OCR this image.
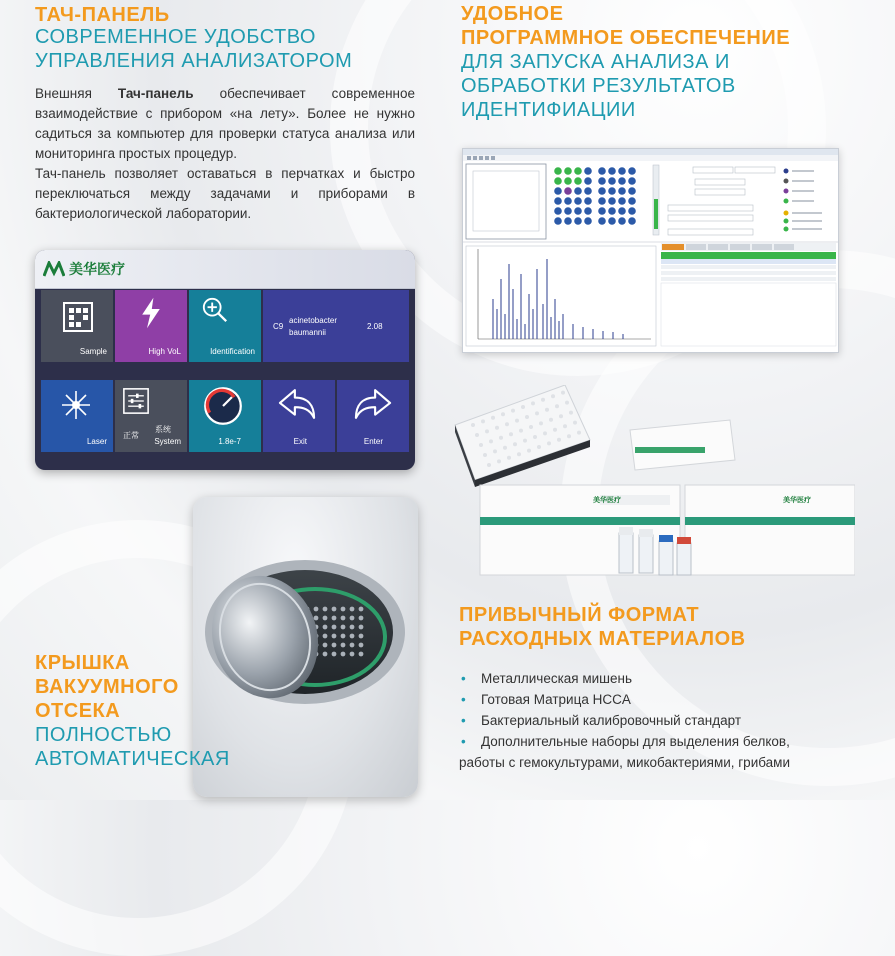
ТАЧ-ПАНЕЛЬ
СОВРЕМЕННОЕ УДОБСТВО
УПРАВЛЕНИЯ АНАЛИЗАТОРОМ

Внешняя Тач-панель обеспечивает современное взаимодействие с прибором «на лету». Более не нужно садиться за компьютер для проверки статуса анализа или мониторинга простых процедур.

Тач-панель позволяет оставаться в перчатках и быстро переключаться между задачами и приборами в бактериологической лаборатории.

美华医疗
Sample	High VoL	Identification
C9
acinetobacter
baumannii
2.08
Laser
正常
系统
System	1.8e-7	Exit	Enter
УДОБНОЕ
ПРОГРАММНОЕ ОБЕСПЕЧЕНИЕ
ДЛЯ ЗАПУСКА АНАЛИЗА И
ОБРАБОТКИ РЕЗУЛЬТАТОВ
ИДЕНТИФИАЦИИ
КРЫШКА
ВАКУУМНОГО
ОТСЕКА
ПОЛНОСТЬЮ
АВТОМАТИЧЕСКАЯ
美华医疗	美华医疗
ПРИВЫЧНЫЙ ФОРМАТ
РАСХОДНЫХ МАТЕРИАЛОВ
• Металлическая мишень
• Готовая Матрица HCCA
• Бактериальный калибровочный стандарт
• Дополнительные наборы для выделения белков,
работы с гемокультурами, микобактериями, грибами
